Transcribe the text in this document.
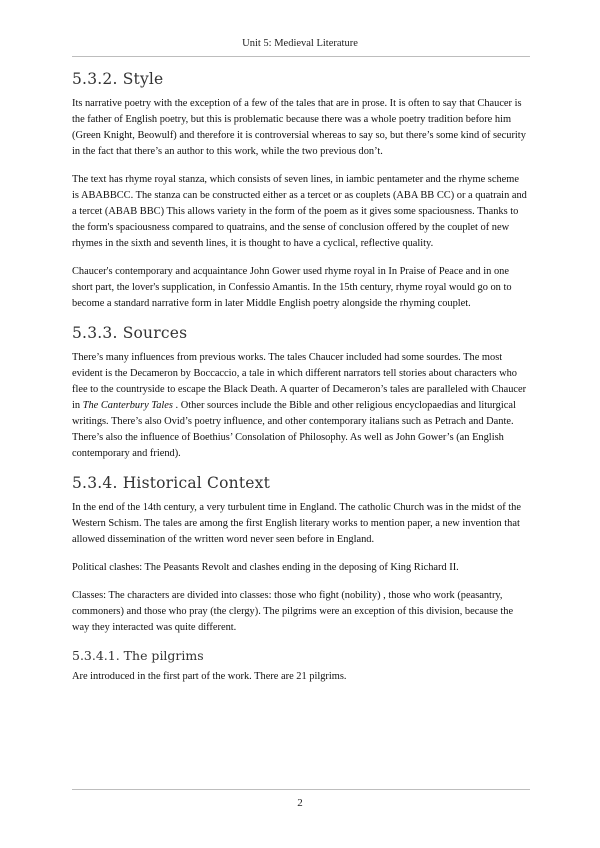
Unit 5: Medieval Literature
5.3.2. Style

Its narrative poetry with the exception of a few of the tales that are in prose. It is often to say that Chaucer is the father of English poetry, but this is problematic because there was a whole poetry tradition before him (Green Knight, Beowulf) and therefore it is controversial whereas to say so, but there’s some kind of security in the fact that there’s an author to this work, while the two previous don’t.

The text has rhyme royal stanza, which consists of seven lines, in iambic pentameter and the rhyme scheme is ABABBCC. The stanza can be constructed either as a tercet or as couplets (ABA BB CC) or a quatrain and a tercet (ABAB BBC) This allows variety in the form of the poem as it gives some spaciousness. Thanks to the form's spaciousness compared to quatrains, and the sense of conclusion offered by the couplet of new rhymes in the sixth and seventh lines, it is thought to have a cyclical, reflective quality.

Chaucer's contemporary and acquaintance John Gower used rhyme royal in In Praise of Peace and in one short part, the lover's supplication, in Confessio Amantis. In the 15th century, rhyme royal would go on to become a standard narrative form in later Middle English poetry alongside the rhyming couplet.

5.3.3. Sources

There’s many influences from previous works. The tales Chaucer included had some sourdes. The most evident is the Decameron by Boccaccio, a tale in which different narrators tell stories about characters who flee to the countryside to escape the Black Death. A quarter of Decameron’s tales are paralleled with Chaucer in The Canterbury Tales . Other sources include the Bible and other religious encyclopaedias and liturgical writings. There’s also Ovid’s poetry influence, and other contemporary italians such as Petrach and Dante. There’s also the influence of Boethius’ Consolation of Philosophy. As well as John Gower’s (an English contemporary and friend).

5.3.4. Historical Context

In the end of the 14th century, a very turbulent time in England. The catholic Church was in the midst of the Western Schism. The tales are among the first English literary works to mention paper, a new invention that allowed dissemination of the written word never seen before in England.

Political clashes: The Peasants Revolt and clashes ending in the deposing of King Richard II.

Classes: The characters are divided into classes: those who fight (nobility) , those who work (peasantry, commoners) and those who pray (the clergy). The pilgrims were an exception of this division, because the way they interacted was quite different.

5.3.4.1. The pilgrims

Are introduced in the first part of the work. There are 21 pilgrims.

2
